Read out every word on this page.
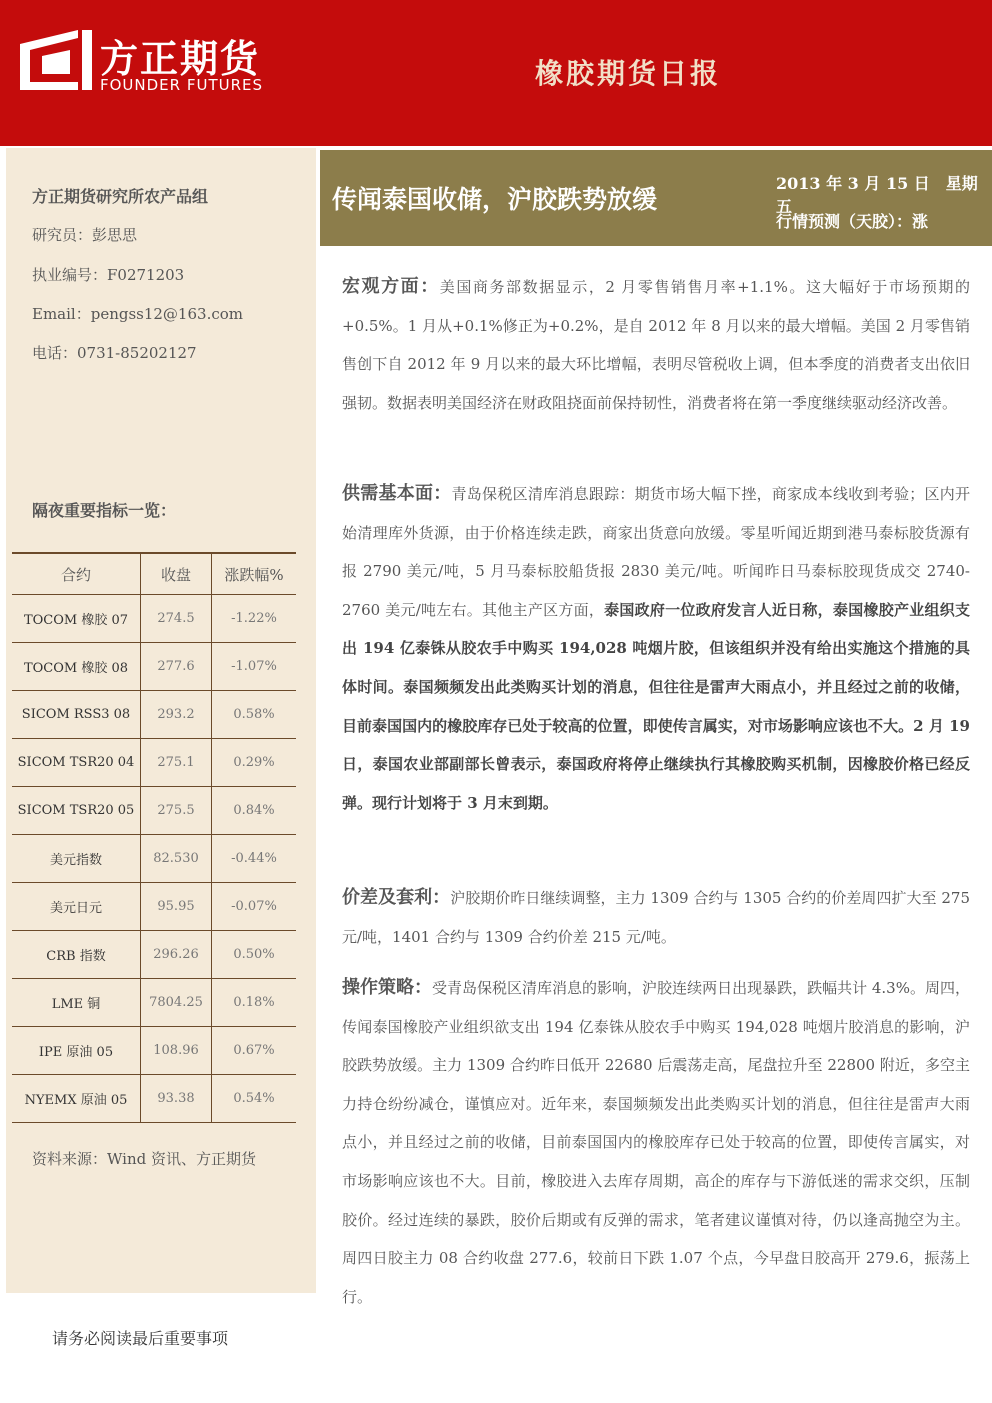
方正期货
FOUNDER FUTURES	橡胶期货日报
方正期货研究所农产品组
研究员：彭思思
执业编号：F0271203
Email：pengss12@163.com
电话：0731-85202127
隔夜重要指标一览：
合约	收盘	涨跌幅%
TOCOM 橡胶 07	274.5	-1.22%
TOCOM 橡胶 08	277.6	-1.07%
SICOM RSS3 08	293.2	0.58%
SICOM TSR20 04	275.1	0.29%
SICOM TSR20 05	275.5	0.84%
美元指数	82.530	-0.44%
美元日元	95.95	-0.07%
CRB 指数	296.26	0.50%
LME 铜	7804.25	0.18%
IPE 原油 05	108.96	0.67%
NYEMX 原油 05	93.38	0.54%
资料来源：Wind 资讯、方正期货
请务必阅读最后重要事项
传闻泰国收储，沪胶跌势放缓
2013 年 3 月 15 日　星期五
行情预测（天胶）：涨
宏观方面：美国商务部数据显示，2 月零售销售月率+1.1%。这大幅好于市场预期的+0.5%。1 月从+0.1%修正为+0.2%，是自 2012 年 8 月以来的最大增幅。美国 2 月零售销售创下自 2012 年 9 月以来的最大环比增幅，表明尽管税收上调，但本季度的消费者支出依旧强韧。数据表明美国经济在财政阻挠面前保持韧性，消费者将在第一季度继续驱动经济改善。
供需基本面：青岛保税区清库消息跟踪：期货市场大幅下挫，商家成本线收到考验；区内开始清理库外货源，由于价格连续走跌，商家出货意向放缓。零星听闻近期到港马泰标胶货源有报 2790 美元/吨，5 月马泰标胶船货报 2830 美元/吨。听闻昨日马泰标胶现货成交 2740-2760 美元/吨左右。其他主产区方面，泰国政府一位政府发言人近日称，泰国橡胶产业组织支出 194 亿泰铢从胶农手中购买 194,028 吨烟片胶，但该组织并没有给出实施这个措施的具体时间。泰国频频发出此类购买计划的消息，但往往是雷声大雨点小，并且经过之前的收储，目前泰国国内的橡胶库存已处于较高的位置，即使传言属实，对市场影响应该也不大。2 月 19 日，泰国农业部副部长曾表示，泰国政府将停止继续执行其橡胶购买机制，因橡胶价格已经反弹。现行计划将于 3 月末到期。
价差及套利：沪胶期价昨日继续调整，主力 1309 合约与 1305 合约的价差周四扩大至 275 元/吨，1401 合约与 1309 合约价差 215 元/吨。
操作策略：受青岛保税区清库消息的影响，沪胶连续两日出现暴跌，跌幅共计 4.3%。周四，传闻泰国橡胶产业组织欲支出 194 亿泰铢从胶农手中购买 194,028 吨烟片胶消息的影响，沪胶跌势放缓。主力 1309 合约昨日低开 22680 后震荡走高，尾盘拉升至 22800 附近，多空主力持仓纷纷减仓，谨慎应对。近年来，泰国频频发出此类购买计划的消息，但往往是雷声大雨点小，并且经过之前的收储，目前泰国国内的橡胶库存已处于较高的位置，即使传言属实，对市场影响应该也不大。目前，橡胶进入去库存周期，高企的库存与下游低迷的需求交织，压制胶价。经过连续的暴跌，胶价后期或有反弹的需求，笔者建议谨慎对待，仍以逢高抛空为主。周四日胶主力 08 合约收盘 277.6，较前日下跌 1.07 个点，今早盘日胶高开 279.6，振荡上行。
